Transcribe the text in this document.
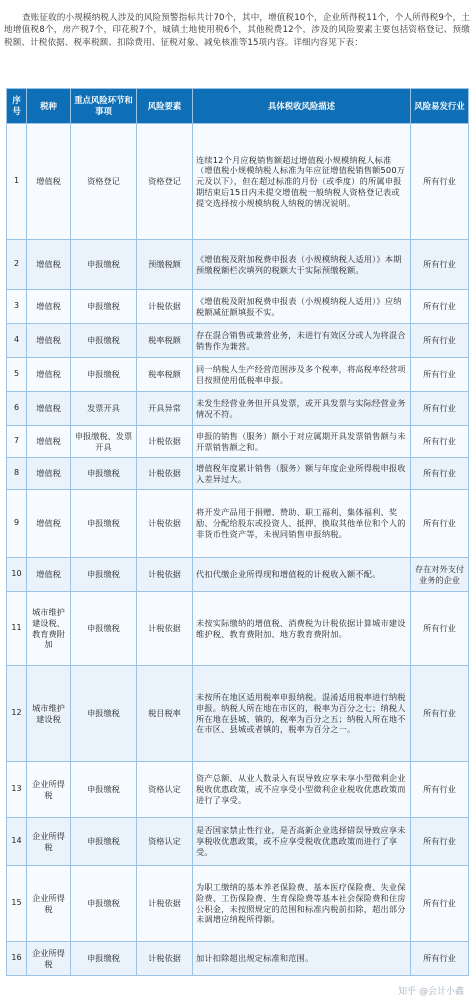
查账征收的小规模纳税人涉及的风险预警指标共计70个，其中，增值税10个，企业所得税11个，个人所得税9个，土地增值税8个，房产税7个，印花税7个，城镇土地使用税6个，其他税费12个，涉及的风险要素主要包括资格登记、预缴税额、计税依据、税率税额、扣除费用、征税对象、减免核准等15项内容。详细内容见下表：
序号	税种	重点风险环节和事项	风险要素	具体税收风险描述	风险易发行业
1	增值税	资格登记	资格登记	连续12个月应税销售额超过增值税小规模纳税人标准（增值税小规模纳税人标准为年应征增值税销售额500万元及以下），但在超过标准的月份（或季度）的所属申报期结束后15日内未提交增值税一般纳税人资格登记表或提交选择按小规模纳税人纳税的情况说明。	所有行业
2	增值税	申报缴税	预缴税额	《增值税及附加税费申报表（小规模纳税人适用）》本期预缴税额栏次填列的税额大于实际预缴税额。	所有行业
3	增值税	申报缴税	计税依据	《增值税及附加税费申报表（小规模纳税人适用）》应纳税额减征额填报不实。	所有行业
4	增值税	申报缴税	税率税额	存在混合销售或兼营业务，未进行有效区分或人为将混合销售作为兼营。	所有行业
5	增值税	申报缴税	税率税额	同一纳税人生产经营范围涉及多个税率，将高税率经营项目按照使用低税率申报。	所有行业
6	增值税	发票开具	开具异常	未发生经营业务但开具发票，或开具发票与实际经营业务情况不符。	所有行业
7	增值税	申报缴税、发票开具	计税依据	申报的销售（服务）额小于对应属期开具发票销售额与未开票销售额之和。	所有行业
8	增值税	申报缴税	计税依据	增值税年度累计销售（服务）额与年度企业所得税申报收入差异过大。	所有行业
9	增值税	申报缴税	计税依据	将开发产品用于捐赠、赞助、职工福利、集体福利、奖励、分配给股东或投资人、抵押、换取其他单位和个人的非货币性资产等，未视同销售申报纳税。	所有行业
10	增值税	申报缴税	计税依据	代扣代缴企业所得现和增值税的计税收入额不配。	存在对外支付业务的企业
11	城市维护建设税、教育费附加	申报缴税	计税依据	未按实际缴纳的增值税、消费税为计税依据计算城市建设维护税、教育费附加、地方教育费附加。	所有行业
12	城市维护建设税	申报缴税	税目税率	未按所在地区适用税率申报纳税。混淆适用税率进行纳税申报。纳税人所在地在市区的，税率为百分之七；纳税人所在地在县城、镇的，税率为百分之五；纳税人所在地不在市区、县城或者镇的，税率为百分之一。	所有行业
13	企业所得税	申报缴税	资格认定	资产总额、从业人数录入有误导致应享未享小型微利企业税收优惠政策，或不应享受小型微利企业税收优惠政策而进行了享受。	所有行业
14	企业所得税	申报缴税	资格认定	是否国家禁止性行业，是否高新企业选择错误导致应享未享税收优惠政策，或不应享受税收优惠政策而进行了享受。	所有行业
15	企业所得税	申报缴税	计税依据	为职工缴纳的基本养老保险费、基本医疗保险费、失业保险费、工伤保险费、生育保险费等基本社会保险费和住房公积金，未按照规定的范围和标准内税前扣除，超出部分未调增应纳税所得额。	所有行业
16	企业所得税	申报缴税	计税依据	加计扣除超出规定标准和范围。	所有行业
知乎 @会计小鑫
